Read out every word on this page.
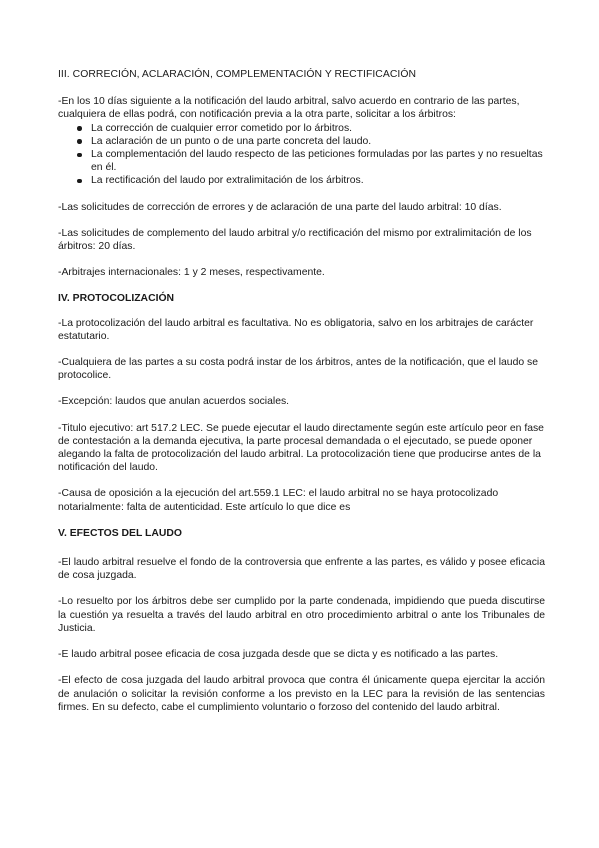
III. CORRECIÓN, ACLARACIÓN, COMPLEMENTACIÓN Y RECTIFICACIÓN

-En los 10 días siguiente a la notificación del laudo arbitral, salvo acuerdo en contrario de las partes, cualquiera de ellas podrá, con notificación previa a la otra parte, solicitar a los árbitros:

La corrección de cualquier error cometido por lo árbitros.
La aclaración de un punto o de una parte concreta del laudo.
La complementación del laudo respecto de las peticiones formuladas por las partes y no resueltas en él.
La rectificación del laudo por extralimitación de los árbitros.

-Las solicitudes de corrección de errores y de aclaración de una parte del laudo arbitral: 10 días.

-Las solicitudes de complemento del laudo arbitral y/o rectificación del mismo por extralimitación de los árbitros: 20 días.

-Arbitrajes internacionales: 1 y 2 meses, respectivamente.

IV. PROTOCOLIZACIÓN

-La protocolización del laudo arbitral es facultativa. No es obligatoria, salvo en los arbitrajes de carácter estatutario.

-Cualquiera de las partes a su costa podrá instar de los árbitros, antes de la notificación, que el laudo se protocolice.

-Excepción: laudos que anulan acuerdos sociales.

-Titulo ejecutivo: art 517.2 LEC. Se puede ejecutar el laudo directamente según este artículo peor en fase de contestación a la demanda ejecutiva, la parte procesal demandada o el ejecutado, se puede oponer alegando la falta de protocolización del laudo arbitral. La protocolización tiene que producirse antes de la notificación del laudo.

-Causa de oposición a la ejecución del art.559.1 LEC: el laudo arbitral no se haya protocolizado notarialmente: falta de autenticidad. Este artículo lo que dice es

V. EFECTOS DEL LAUDO

-El laudo arbitral resuelve el fondo de la controversia que enfrente a las partes, es válido y posee eficacia de cosa juzgada.

-Lo resuelto por los árbitros debe ser cumplido por la parte condenada, impidiendo que pueda discutirse la cuestión ya resuelta a través del laudo arbitral en otro procedimiento arbitral o ante los Tribunales de Justicia.

-E laudo arbitral posee eficacia de cosa juzgada desde que se dicta y es notificado a las partes.

-El efecto de cosa juzgada del laudo arbitral provoca que contra él únicamente quepa ejercitar la acción de anulación o solicitar la revisión conforme a los previsto en la LEC para la revisión de las sentencias firmes. En su defecto, cabe el cumplimiento voluntario o forzoso del contenido del laudo arbitral.
